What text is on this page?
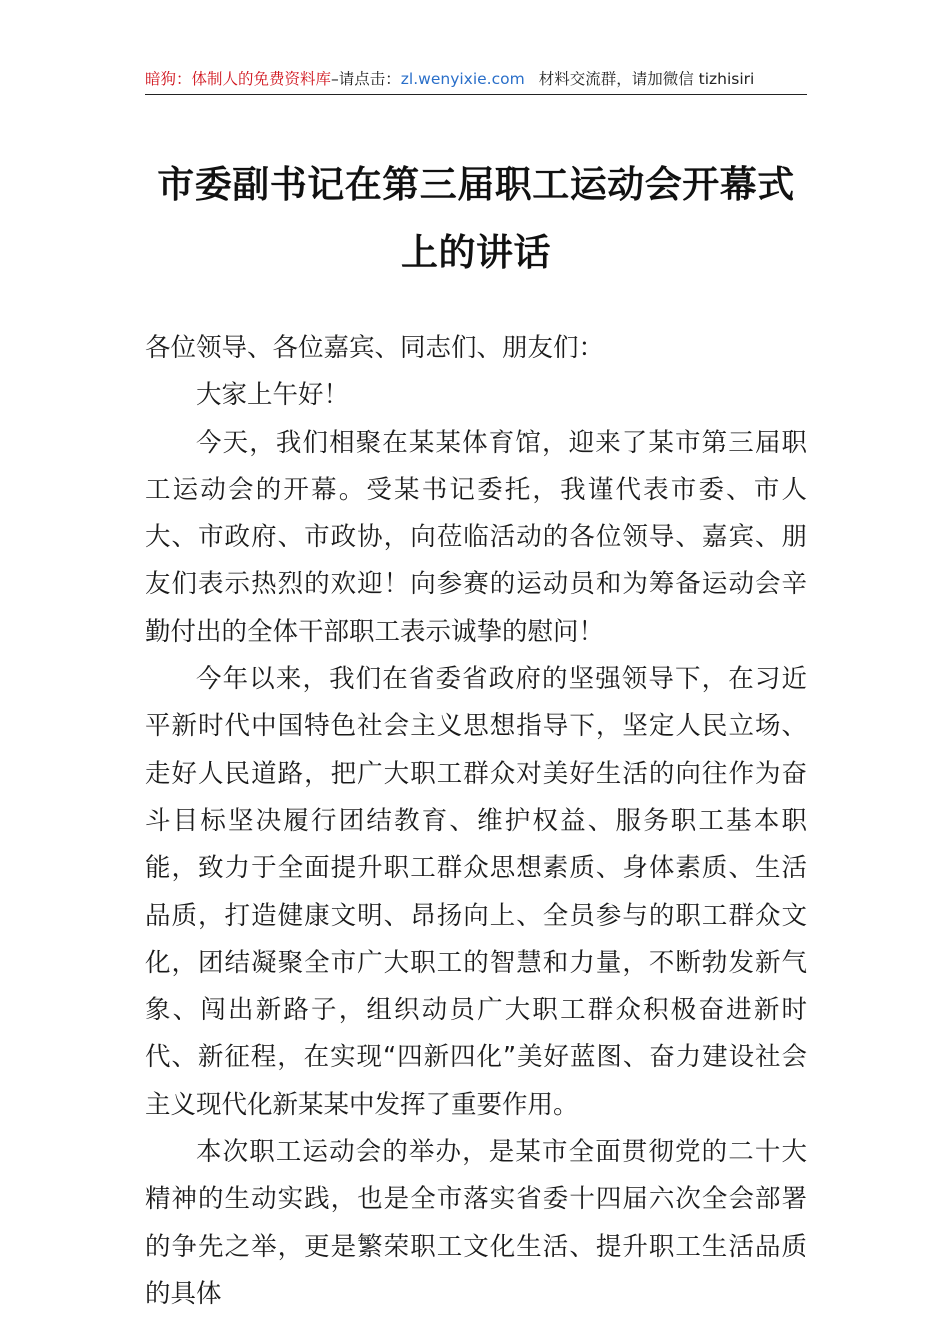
暗狗：体制人的免费资料库–请点击：zl.wenyixie.com 材料交流群，请加微信 tizhisiri
市委副书记在第三届职工运动会开幕式上的讲话

各位领导、各位嘉宾、同志们、朋友们：

大家上午好！

今天，我们相聚在某某体育馆，迎来了某市第三届职工运动会的开幕。受某书记委托，我谨代表市委、市人大、市政府、市政协，向莅临活动的各位领导、嘉宾、朋友们表示热烈的欢迎！向参赛的运动员和为筹备运动会辛勤付出的全体干部职工表示诚挚的慰问！

今年以来，我们在省委省政府的坚强领导下，在习近平新时代中国特色社会主义思想指导下，坚定人民立场、走好人民道路，把广大职工群众对美好生活的向往作为奋斗目标坚决履行团结教育、维护权益、服务职工基本职能，致力于全面提升职工群众思想素质、身体素质、生活品质，打造健康文明、昂扬向上、全员参与的职工群众文化，团结凝聚全市广大职工的智慧和力量，不断勃发新气象、闯出新路子，组织动员广大职工群众积极奋进新时代、新征程，在实现“四新四化”美好蓝图、奋力建设社会主义现代化新某某中发挥了重要作用。

本次职工运动会的举办，是某市全面贯彻党的二十大精神的生动实践，也是全市落实省委十四届六次全会部署的争先之举，更是繁荣职工文化生活、提升职工生活品质的具体
